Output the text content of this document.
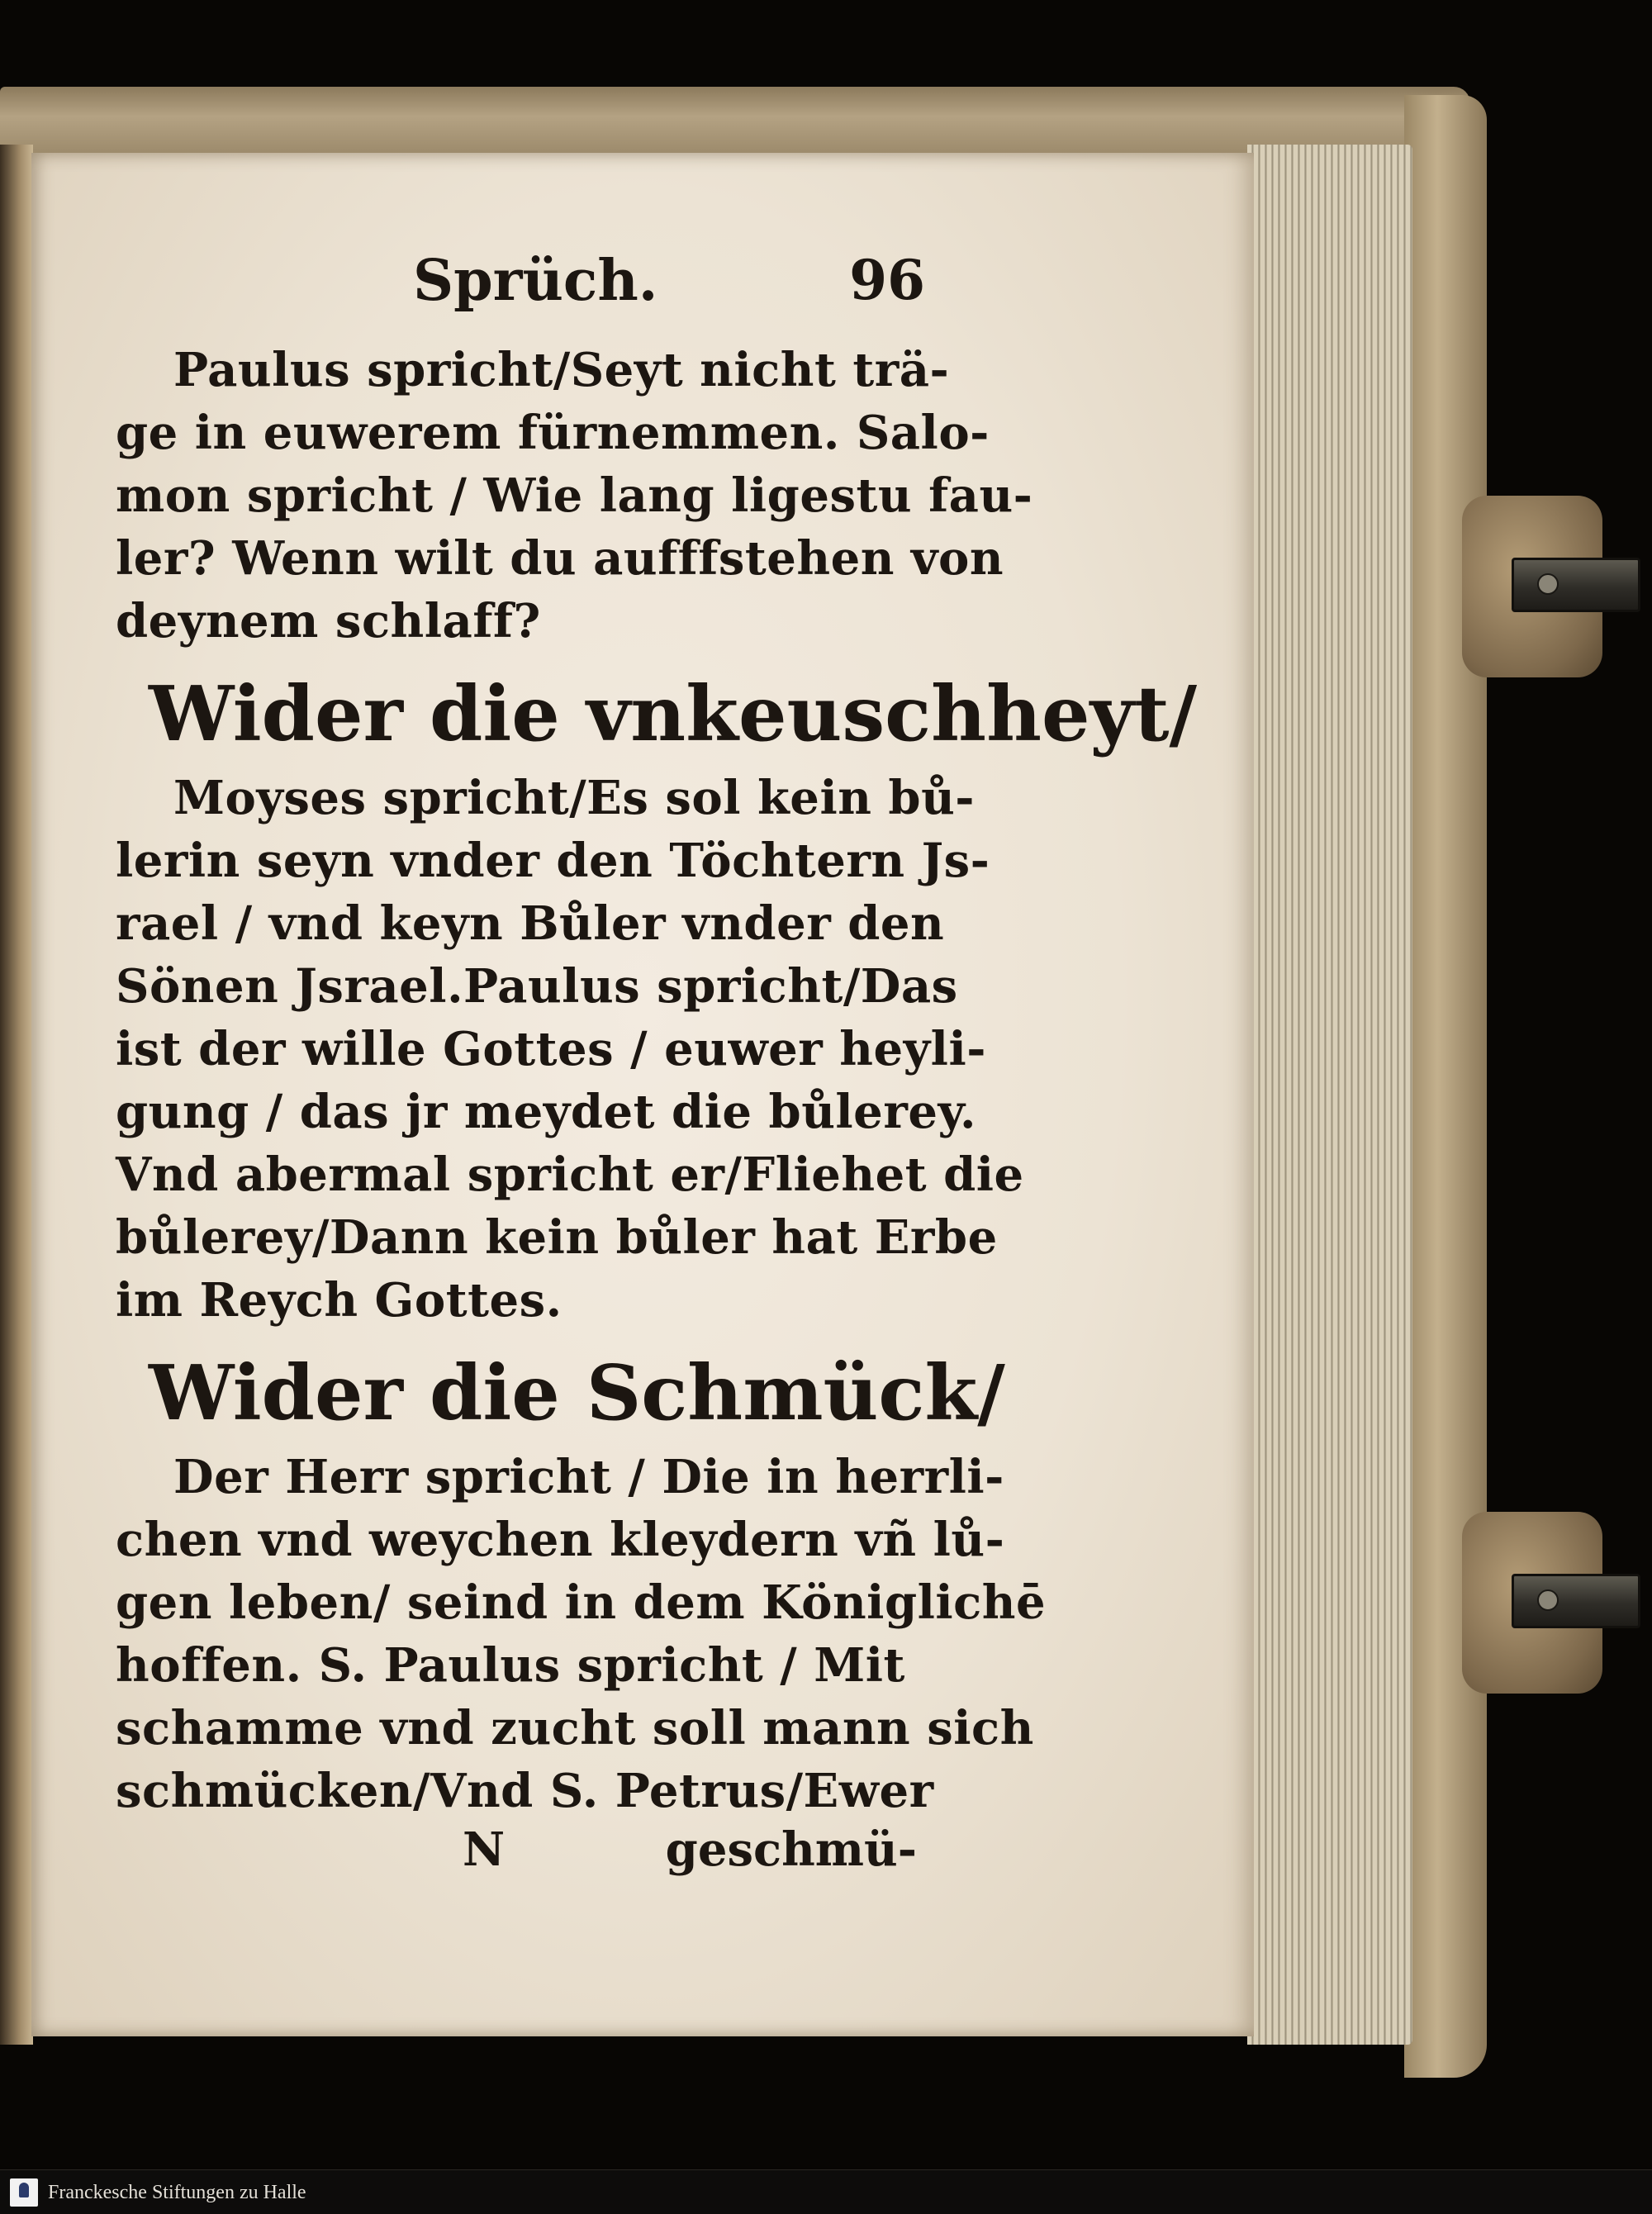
Sprüch.	96
Paulus spricht/Seyt nicht trä-
ge in euwerem fürnemmen. Salo-
mon spricht / Wie lang ligestu fau-
ler? Wenn wilt du aufffstehen von
deynem schlaff?
Wider die vnkeuschheyt/
Moyses spricht/Es sol kein bů-
lerin seyn vnder den Töchtern Js-
rael / vnd keyn Bůler vnder den
Sönen Jsrael.Paulus spricht/Das
ist der wille Gottes / euwer heyli-
gung / das jr meydet die bůlerey.
Vnd abermal spricht er/Fliehet die
bůlerey/Dann kein bůler hat Erbe
im Reych Gottes.
Wider die Schmück/
Der Herr spricht / Die in herrli-
chen vnd weychen kleydern vñ lů-
gen leben/ seind in dem Königlichē
hoffen. S. Paulus spricht / Mit
schamme vnd zucht soll mann sich
schmücken/Vnd S. Petrus/Ewer
N	geschmü-
Franckesche Stiftungen zu Halle
